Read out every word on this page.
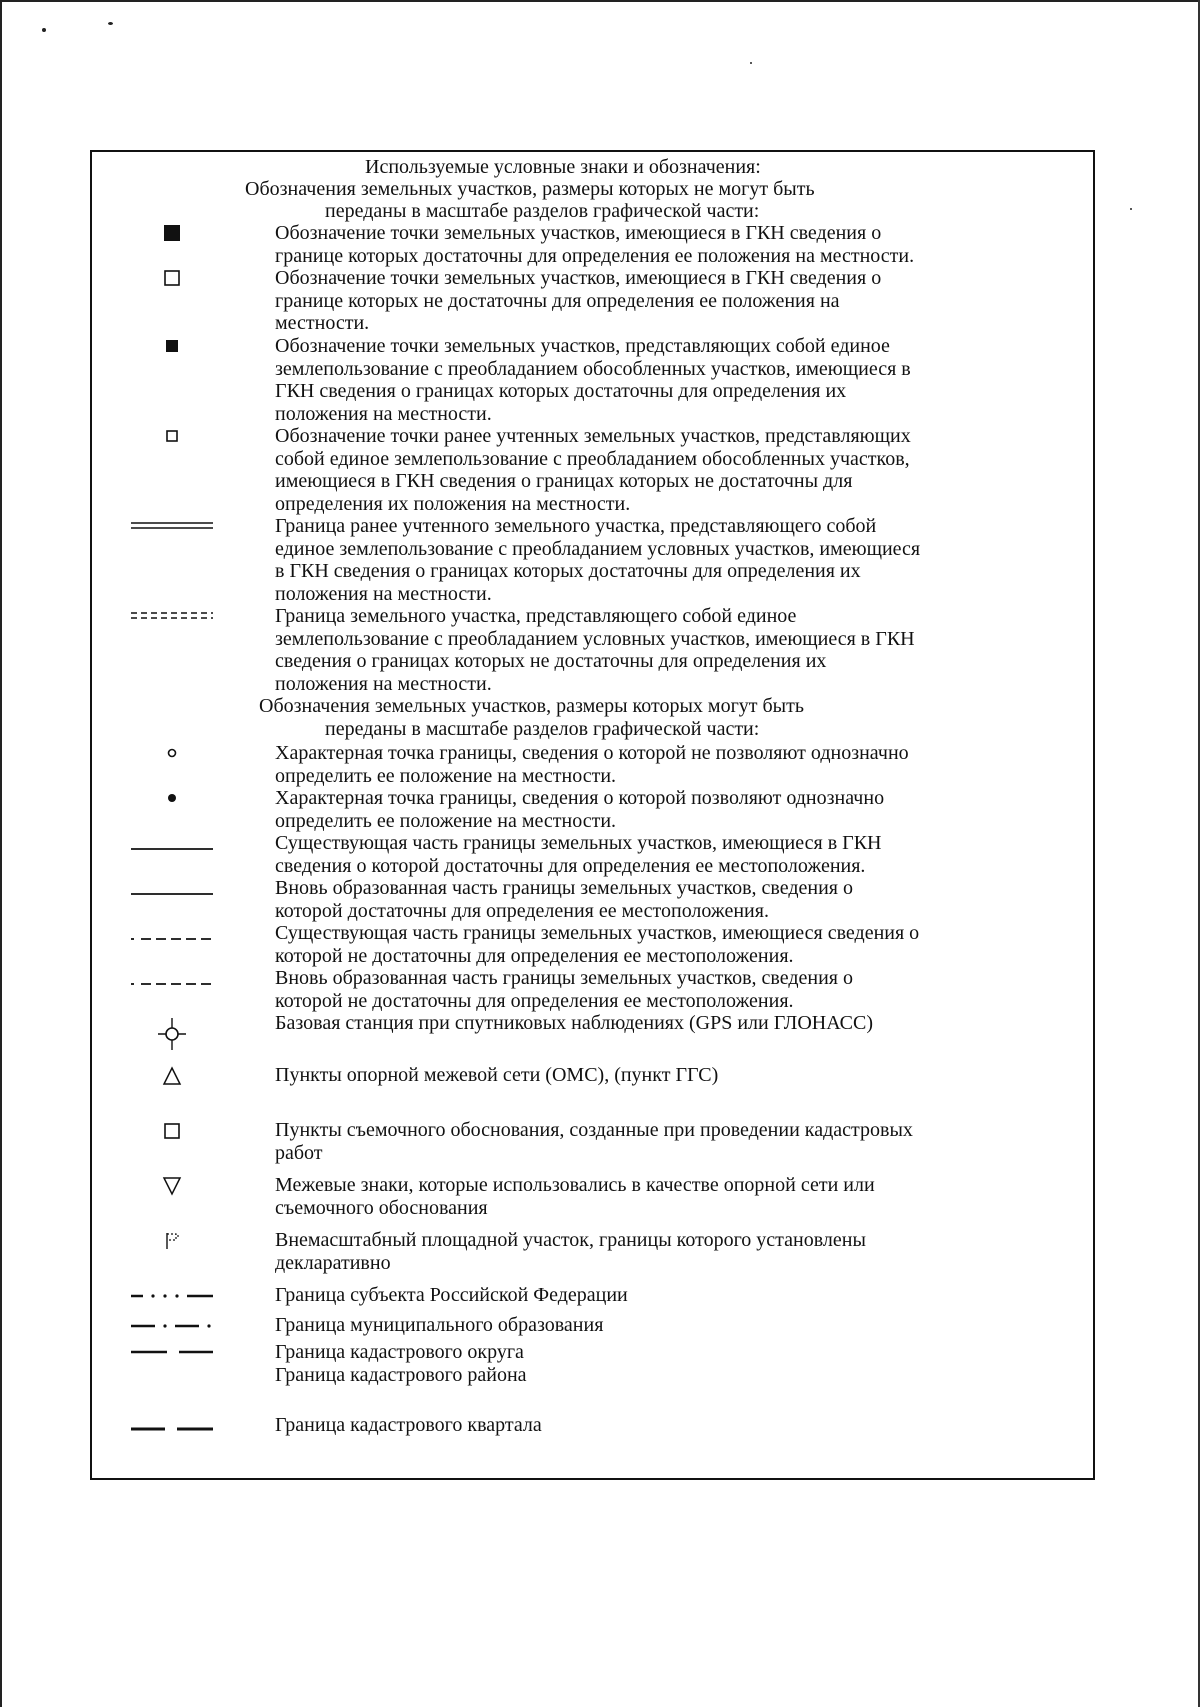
Используемые условные знаки и обозначения:
Обозначения земельных участков, размеры которых не могут быть
переданы в масштабе разделов графической части:
Обозначение точки земельных участков, имеющиеся в ГКН сведения о
границе которых достаточны для определения ее положения на местности.
Обозначение точки земельных участков, имеющиеся в ГКН сведения о
границе которых не достаточны для определения ее положения на
местности.
Обозначение точки земельных участков, представляющих собой единое
землепользование с преобладанием обособленных участков, имеющиеся в
ГКН сведения о границах которых достаточны для определения их
положения на местности.
Обозначение точки ранее учтенных земельных участков, представляющих
собой единое землепользование с преобладанием обособленных участков,
имеющиеся в ГКН сведения о границах которых не достаточны для
определения их положения на местности.
Граница ранее учтенного земельного участка, представляющего собой
единое землепользование с преобладанием условных участков, имеющиеся
в ГКН сведения о границах которых достаточны для определения их
положения на местности.
Граница земельного участка, представляющего собой единое
землепользование с преобладанием условных участков, имеющиеся в ГКН
сведения о границах которых не достаточны для определения их
положения на местности.
Обозначения земельных участков, размеры которых могут быть
переданы в масштабе разделов графической части:
Характерная точка границы, сведения о которой не позволяют однозначно
определить ее положение на местности.
Характерная точка границы, сведения о которой позволяют однозначно
определить ее положение на местности.
Существующая часть границы земельных участков, имеющиеся в ГКН
сведения о которой достаточны для определения ее местоположения.
Вновь образованная часть границы земельных участков, сведения о
которой достаточны для определения ее местоположения.
Существующая часть границы земельных участков, имеющиеся сведения о
которой не достаточны для определения ее местоположения.
Вновь образованная часть границы земельных участков, сведения о
которой не достаточны для определения ее местоположения.
Базовая станция при спутниковых наблюдениях (GPS или ГЛОНАСС)
Пункты опорной межевой сети (ОМС), (пункт ГГС)
Пункты съемочного обоснования, созданные при проведении кадастровых
работ
Межевые знаки, которые использовались в качестве опорной сети или
съемочного обоснования
Внемасштабный площадной участок, границы которого установлены
декларативно
Граница субъекта Российской Федерации
Граница муниципального образования
Граница кадастрового округа
Граница кадастрового района
Граница кадастрового квартала
